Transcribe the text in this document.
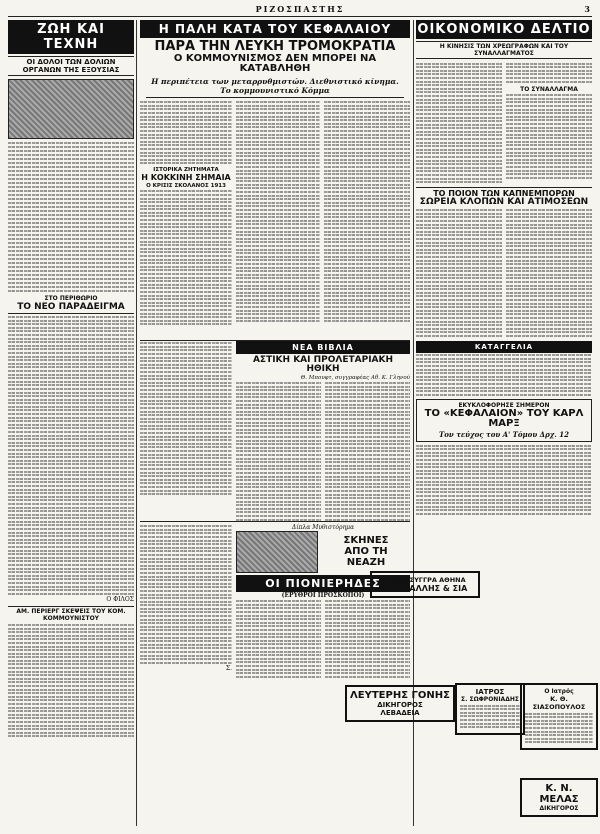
ΡΙΖΟΣΠΑΣΤΗΣ	3
ΖΩΗ ΚΑΙ ΤΕΧΝΗ
ΟΙ ΔΟΛΟΙ ΤΩΝ ΔΟΛΙΩΝ ΟΡΓΑΝΩΝ ΤΗΣ ΕΞΟΥΣΙΑΣ
ΣΤΟ ΠΕΡΙΘΩΡΙΟ
ΤΟ ΝΕΟ ΠΑΡΑΔΕΙΓΜΑ
Ο ΦΙΛΟΣ
ΑΜ. ΠΕΡΙΕΡΓ ΣΚΕΨΕΙΣ ΤΟΥ ΚΟΜ. ΚΟΜΜΟΥΝΙΣΤΟΥ
Η ΠΑΛΗ ΚΑΤΑ ΤΟΥ ΚΕΦΑΛΑΙΟΥ
ΠΑΡΑ ΤΗΝ ΛΕΥΚΗ ΤΡΟΜΟΚΡΑΤΙΑ
Ο ΚΟΜΜΟΥΝΙΣΜΟΣ ΔΕΝ ΜΠΟΡΕΙ ΝΑ ΚΑΤΑΒΛΗΘΗ
Η περιπέτεια των μεταρρυθμιστών. Διεθνιστικό κίνημα. Το κομμουνιστικό Κόμμα
ΙΣΤΟΡΙΚΑ ΖΗΤΗΜΑΤΑ
Η ΚΟΚΚΙΝΗ ΣΗΜΑΙΑ
Ο ΚΡΙΣΙΣ ΣΚΟΛΑΝΟΣ 1913
ΝΕΑ ΒΙΒΛΙΑ
ΑΣΤΙΚΗ ΚΑΙ ΠΡΟΛΕΤΑΡΙΑΚΗ ΗΘΙΚΗ
Θ. Μπουφτ, συγγραφέας Αθ. Κ. Γληνού
Σ.
Δίπλα Μυθιστόρημα
ΣΚΗΝΕΣ
ΑΠΟ ΤΗ
ΝΕΑΖΗ
ΟΙ ΠΙΟΝΙΕΡΗΔΕΣ
(ΕΡΥΘΡΟΙ ΠΡΟΣΚΟΠΟΙ)
ΟΙΚΟΝΟΜΙΚΟ ΔΕΛΤΙΟ
Η ΚΙΝΗΣΙΣ ΤΩΝ ΧΡΕΩΓΡΑΦΩΝ ΚΑΙ ΤΟΥ ΣΥΝΑΛΛΑΓΜΑΤΟΣ
ΤΟ ΣΥΝΑΛΛΑΓΜΑ
ΤΟ ΠΟΙΟΝ ΤΩΝ ΚΑΠΝΕΜΠΟΡΩΝ
ΣΩΡΕΙΑ ΚΛΟΠΩΝ ΚΑΙ ΑΤΙΜΟΣΕΩΝ
ΚΑΤΑΓΓΕΛΙΑ
ΕΚΥΚΛΟΦΟΡΗΣΕ ΣΗΜΕΡΟΝ
ΤΟ «ΚΕΦΑΛΑΙΟΝ» ΤΟΥ ΚΑΡΛ ΜΑΡΞ
Τον τεύχος του Α' Τόμου Δρχ. 12
ΛΑΪΚΟ ΣΥΓΓΡΑ ΑΘΗΝΑ
Α. Ι. ΡΑΛΛΗΣ & ΣΙΑ
ΛΕΥΤΕΡΗΣ ΓΟΝΗΣ
ΔΙΚΗΓΟΡΟΣ
ΛΕΒΑΔΕΙΑ
ΙΑΤΡΟΣ
Σ. ΣΩΦΡΟΝΙΑΔΗΣ
Ο Ιατρός
Κ. Θ. ΣΙΑΣΟΠΟΥΛΟΣ
Κ. Ν. ΜΕΛΑΣ
ΔΙΚΗΓΟΡΟΣ
